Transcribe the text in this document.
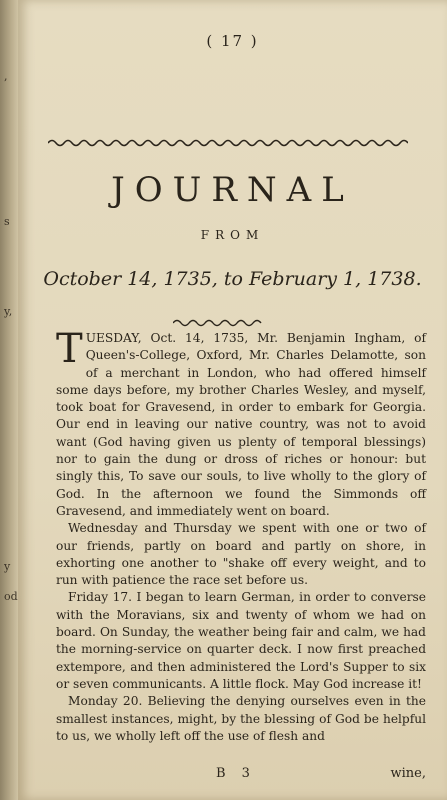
,
s
y,
y
od
( 17 )
JOURNAL
FROM
October 14, 1735, to February 1, 1738.

TUESDAY, Oct. 14, 1735, Mr. Benjamin Ingham, of Queen's-College, Oxford, Mr. Charles Delamotte, son of a merchant in London, who had offered himself some days before, my brother Charles Wesley, and myself, took boat for Gravesend, in order to embark for Georgia. Our end in leaving our native country, was not to avoid want (God having given us plenty of temporal blessings) nor to gain the dung or dross of riches or honour: but singly this, To save our souls, to live wholly to the glory of God. In the afternoon we found the Simmonds off Gravesend, and immediately went on board.

Wednesday and Thursday we spent with one or two of our friends, partly on board and partly on shore, in exhorting one another to "shake off every weight, and to run with patience the race set before us.

Friday 17. I began to learn German, in order to converse with the Moravians, six and twenty of whom we had on board. On Sunday, the weather being fair and calm, we had the morning-service on quarter deck. I now first preached extempore, and then administered the Lord's Supper to six or seven communicants. A little flock. May God increase it!

Monday 20. Believing the denying ourselves even in the smallest instances, might, by the blessing of God be helpful to us, we wholly left off the use of flesh and

B 3	wine,
